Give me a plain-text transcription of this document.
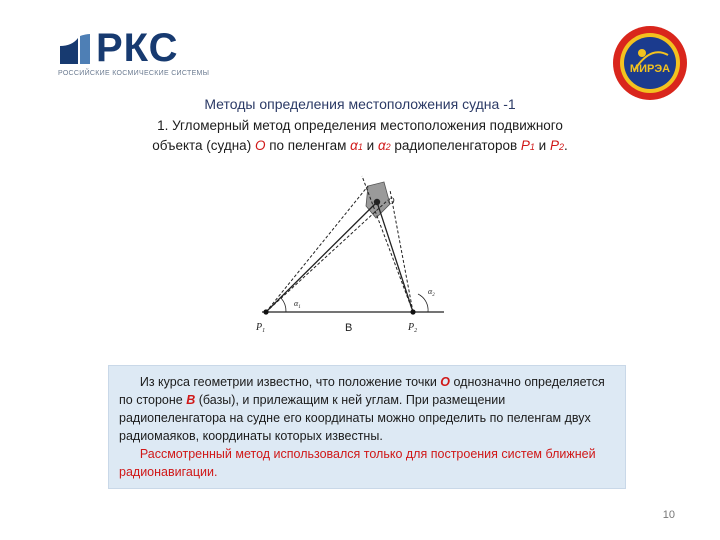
РКС
РОССИЙСКИЕ КОСМИЧЕСКИЕ СИСТЕМЫ	МИРЭА
Методы определения местоположения судна -1
1. Угломерный метод определения местоположения подвижного
объекта (судна) О по пеленгам α1 и α2 радиопеленгаторов P1 и P2.
$P_1$	$P_2$
B
O
$\alpha_1$
$\alpha_2$

Из курса геометрии известно, что положение точки О однозначно определяется по стороне В (базы), и прилежащим к ней углам. При размещении радиопеленгатора на судне его координаты можно определить по пеленгам двух радиомаяков, координаты которых известны.

Рассмотренный метод использовался только для построения систем ближней радионавигации.

10
